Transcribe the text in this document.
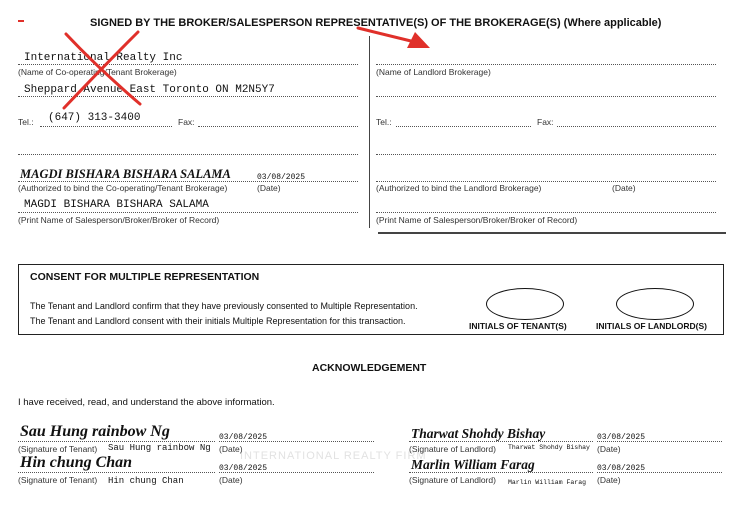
SIGNED BY THE BROKER/SALESPERSON REPRESENTATIVE(S) OF THE BROKERAGE(S) (Where applicable)
International Realty Inc
(Name of Co-operating/Tenant Brokerage)
Sheppard Avenue East Toronto ON M2N5Y7
Tel.: (647) 313-3400	Fax:
MAGDI BISHARA BISHARA SALAMA	03/08/2025
(Authorized to bind the Co-operating/Tenant Brokerage)	(Date)
MAGDI BISHARA BISHARA SALAMA
(Print Name of Salesperson/Broker/Broker of Record)
(Name of Landlord Brokerage)
Tel.:	Fax:
(Authorized to bind the Landlord Brokerage)	(Date)
(Print Name of Salesperson/Broker/Broker of Record)
CONSENT FOR MULTIPLE REPRESENTATION
The Tenant and Landlord confirm that they have previously consented to Multiple Representation.
The Tenant and Landlord consent with their initials Multiple Representation for this transaction.	INITIALS OF TENANT(S)	INITIALS OF LANDLORD(S)
ACKNOWLEDGEMENT
I have received, read, and understand the above information.
INTERNATIONAL REALTY FIRM
Sau Hung rainbow Ng	03/08/2025
(Signature of Tenant) Sau Hung rainbow Ng (Date)
Hin chung Chan	03/08/2025
(Signature of Tenant) Hin chung Chan	(Date)
Tharwat Shohdy Bishay	03/08/2025
(Signature of Landlord) Tharwat Shohdy Bishay (Date)
Marlin William Farag	03/08/2025
(Signature of Landlord) Marlin William Farag (Date)
